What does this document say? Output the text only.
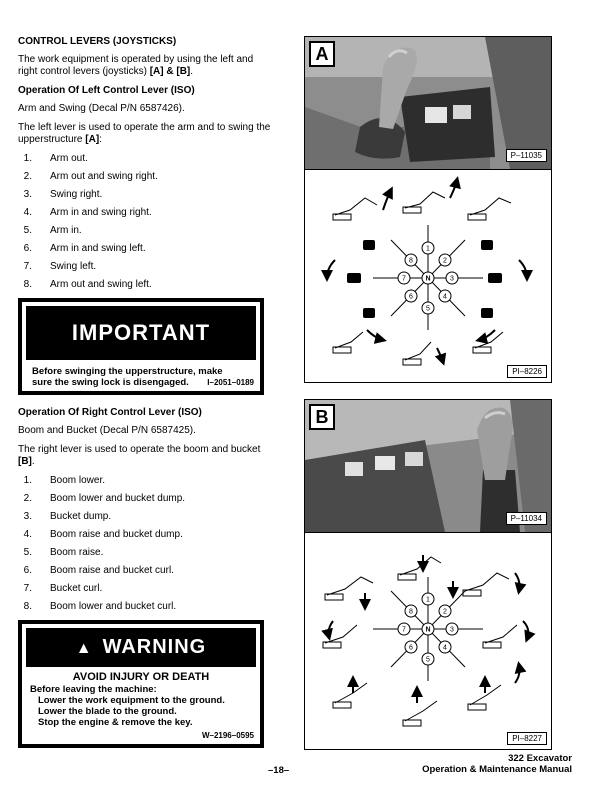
CONTROL LEVERS (JOYSTICKS)
The work equipment is operated by using the left and right control levers (joysticks) [A] & [B].
Operation Of Left Control Lever (ISO)
Arm and Swing (Decal P/N 6587426).
The left lever is used to operate the arm and to swing the upperstructure [A]:
1. Arm out.
2. Arm out and swing right.
3. Swing right.
4. Arm in and swing right.
5. Arm in.
6. Arm in and swing left.
7. Swing left.
8. Arm out and swing left.
IMPORTANT
Before swinging the upperstructure, make
sure the swing lock is disengaged. I–2051–0189
Operation Of Right Control Lever (ISO)
Boom and Bucket (Decal P/N 6587425).
The right lever is used to operate the boom and bucket [B].
1. Boom lower.
2. Boom lower and bucket dump.
3. Bucket dump.
4. Boom raise and bucket dump.
5. Boom raise.
6. Boom raise and bucket curl.
7. Bucket curl.
8. Boom lower and bucket curl.
▲ WARNING
AVOID INJURY OR DEATH
Before leaving the machine:
Lower the work equipment to the ground.
Lower the blade to the ground.
Stop the engine & remove the key.
W–2196–0595
A
P–11035
1
2
3
4
5
6
7
8
N
PI–8226
B
P–11034
1
2
3
4
5
6
7
8
N
PI–8227
–18–
322 Excavator
Operation & Maintenance Manual
